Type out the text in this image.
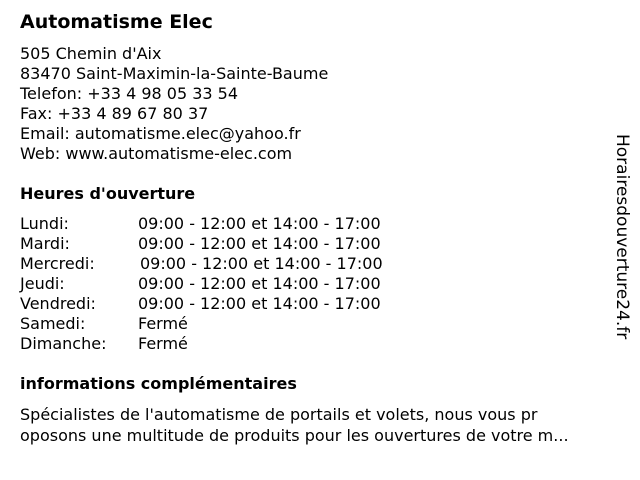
Automatisme Elec
505 Chemin d'Aix
83470 Saint-Maximin-la-Sainte-Baume
Telefon: +33 4 98 05 33 54
Fax: +33 4 89 67 80 37
Email: automatisme.elec@yahoo.fr
Web: www.automatisme-elec.com
Heures d'ouverture
Lundi:	09:00 - 12:00 et 14:00 - 17:00
Mardi:	09:00 - 12:00 et 14:00 - 17:00
Mercredi:	09:00 - 12:00 et 14:00 - 17:00
Jeudi:	09:00 - 12:00 et 14:00 - 17:00
Vendredi:	09:00 - 12:00 et 14:00 - 17:00
Samedi:	Fermé
Dimanche: Fermé
informations complémentaires
Spécialistes de l'automatisme de portails et volets, nous vous pr
oposons une multitude de produits pour les ouvertures de votre m...
Horairesdouverture24.fr
